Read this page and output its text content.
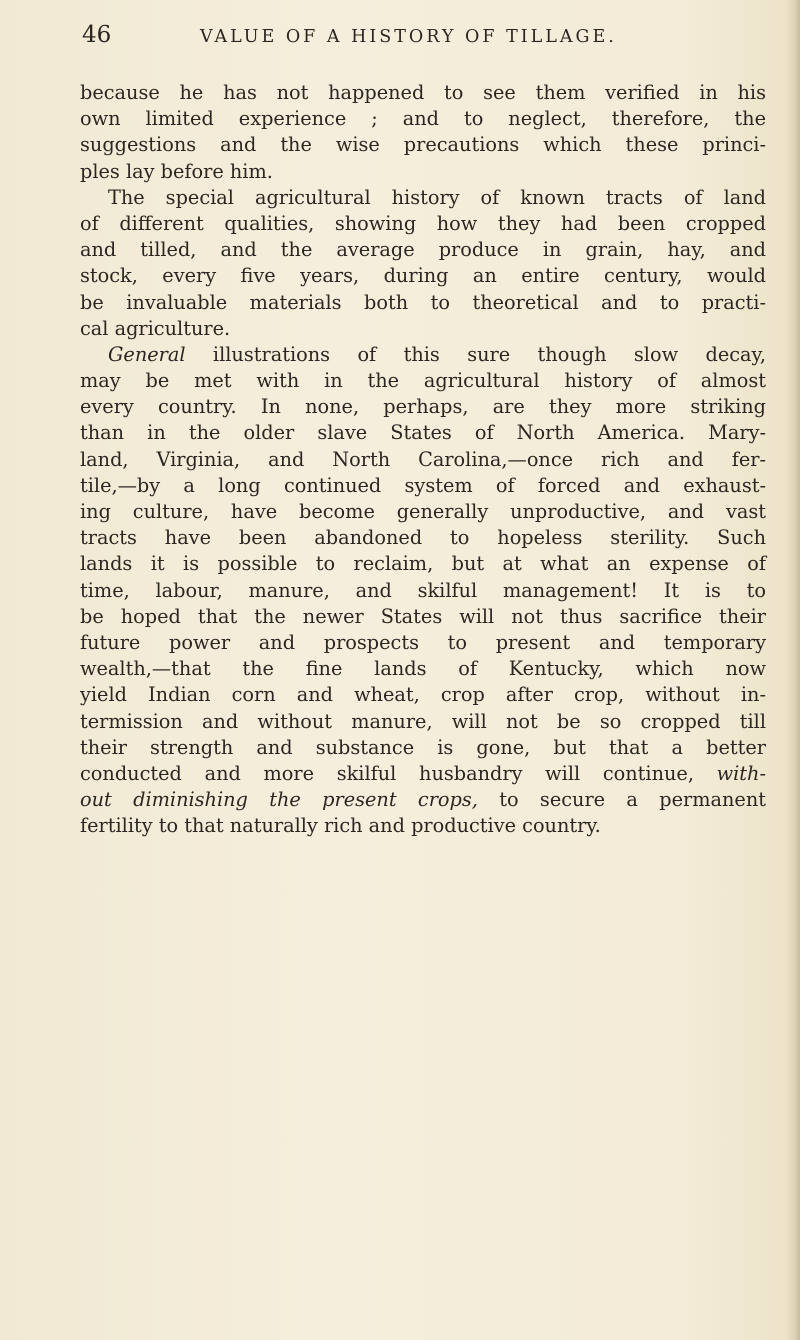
46	VALUE OF A HISTORY OF TILLAGE.
because he has not happened to see them verified in his
own limited experience ; and to neglect, therefore, the
suggestions and the wise precautions which these princi-
ples lay before him.
The special agricultural history of known tracts of land
of different qualities, showing how they had been cropped
and tilled, and the average produce in grain, hay, and
stock, every five years, during an entire century, would
be invaluable materials both to theoretical and to practi-
cal agriculture.
General illustrations of this sure though slow decay,
may be met with in the agricultural history of almost
every country. In none, perhaps, are they more striking
than in the older slave States of North America. Mary-
land, Virginia, and North Carolina,—once rich and fer-
tile,—by a long continued system of forced and exhaust-
ing culture, have become generally unproductive, and vast
tracts have been abandoned to hopeless sterility. Such
lands it is possible to reclaim, but at what an expense of
time, labour, manure, and skilful management! It is to
be hoped that the newer States will not thus sacrifice their
future power and prospects to present and temporary
wealth,—that the fine lands of Kentucky, which now
yield Indian corn and wheat, crop after crop, without in-
termission and without manure, will not be so cropped till
their strength and substance is gone, but that a better
conducted and more skilful husbandry will continue, with-
out diminishing the present crops, to secure a permanent
fertility to that naturally rich and productive country.
